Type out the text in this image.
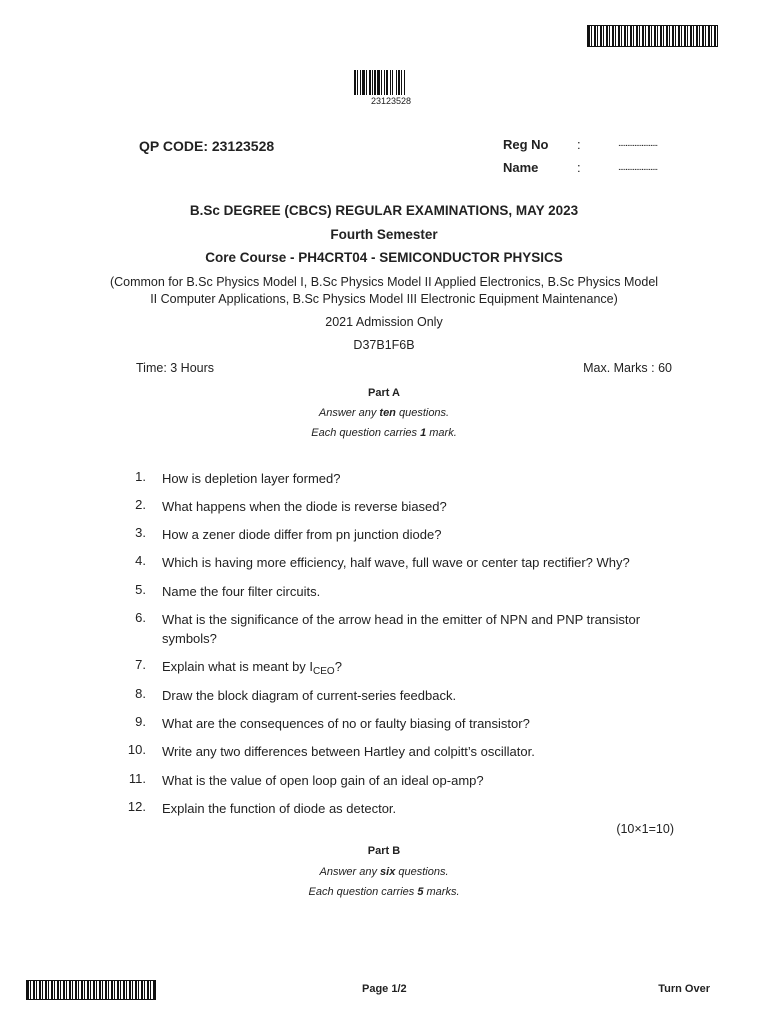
23123528
QP CODE: 23123528	Reg No :	......................
Name	:	......................
B.Sc DEGREE (CBCS) REGULAR EXAMINATIONS, MAY 2023
Fourth Semester
Core Course - PH4CRT04 - SEMICONDUCTOR PHYSICS
(Common for B.Sc Physics Model I, B.Sc Physics Model II Applied Electronics, B.Sc Physics Model
II Computer Applications, B.Sc Physics Model III Electronic Equipment Maintenance)
2021 Admission Only
D37B1F6B
Time: 3 Hours	Max. Marks : 60
Part A
Answer any ten questions.
Each question carries 1 mark.
1. How is depletion layer formed?
2. What happens when the diode is reverse biased?
3. How a zener diode differ from pn junction diode?
4. Which is having more efficiency, half wave, full wave or center tap rectifier? Why?
5. Name the four filter circuits.
6. What is the significance of the arrow head in the emitter of NPN and PNP transistor symbols?
7. Explain what is meant by $I_{CEO}$?
8. Draw the block diagram of current-series feedback.
9. What are the consequences of no or faulty biasing of transistor?
10. Write any two differences between Hartley and colpitt’s oscillator.
11. What is the value of open loop gain of an ideal op-amp?
12. Explain the function of diode as detector.
(10×1=10)
Part B
Answer any six questions.
Each question carries 5 marks.
Page 1/2	Turn Over
